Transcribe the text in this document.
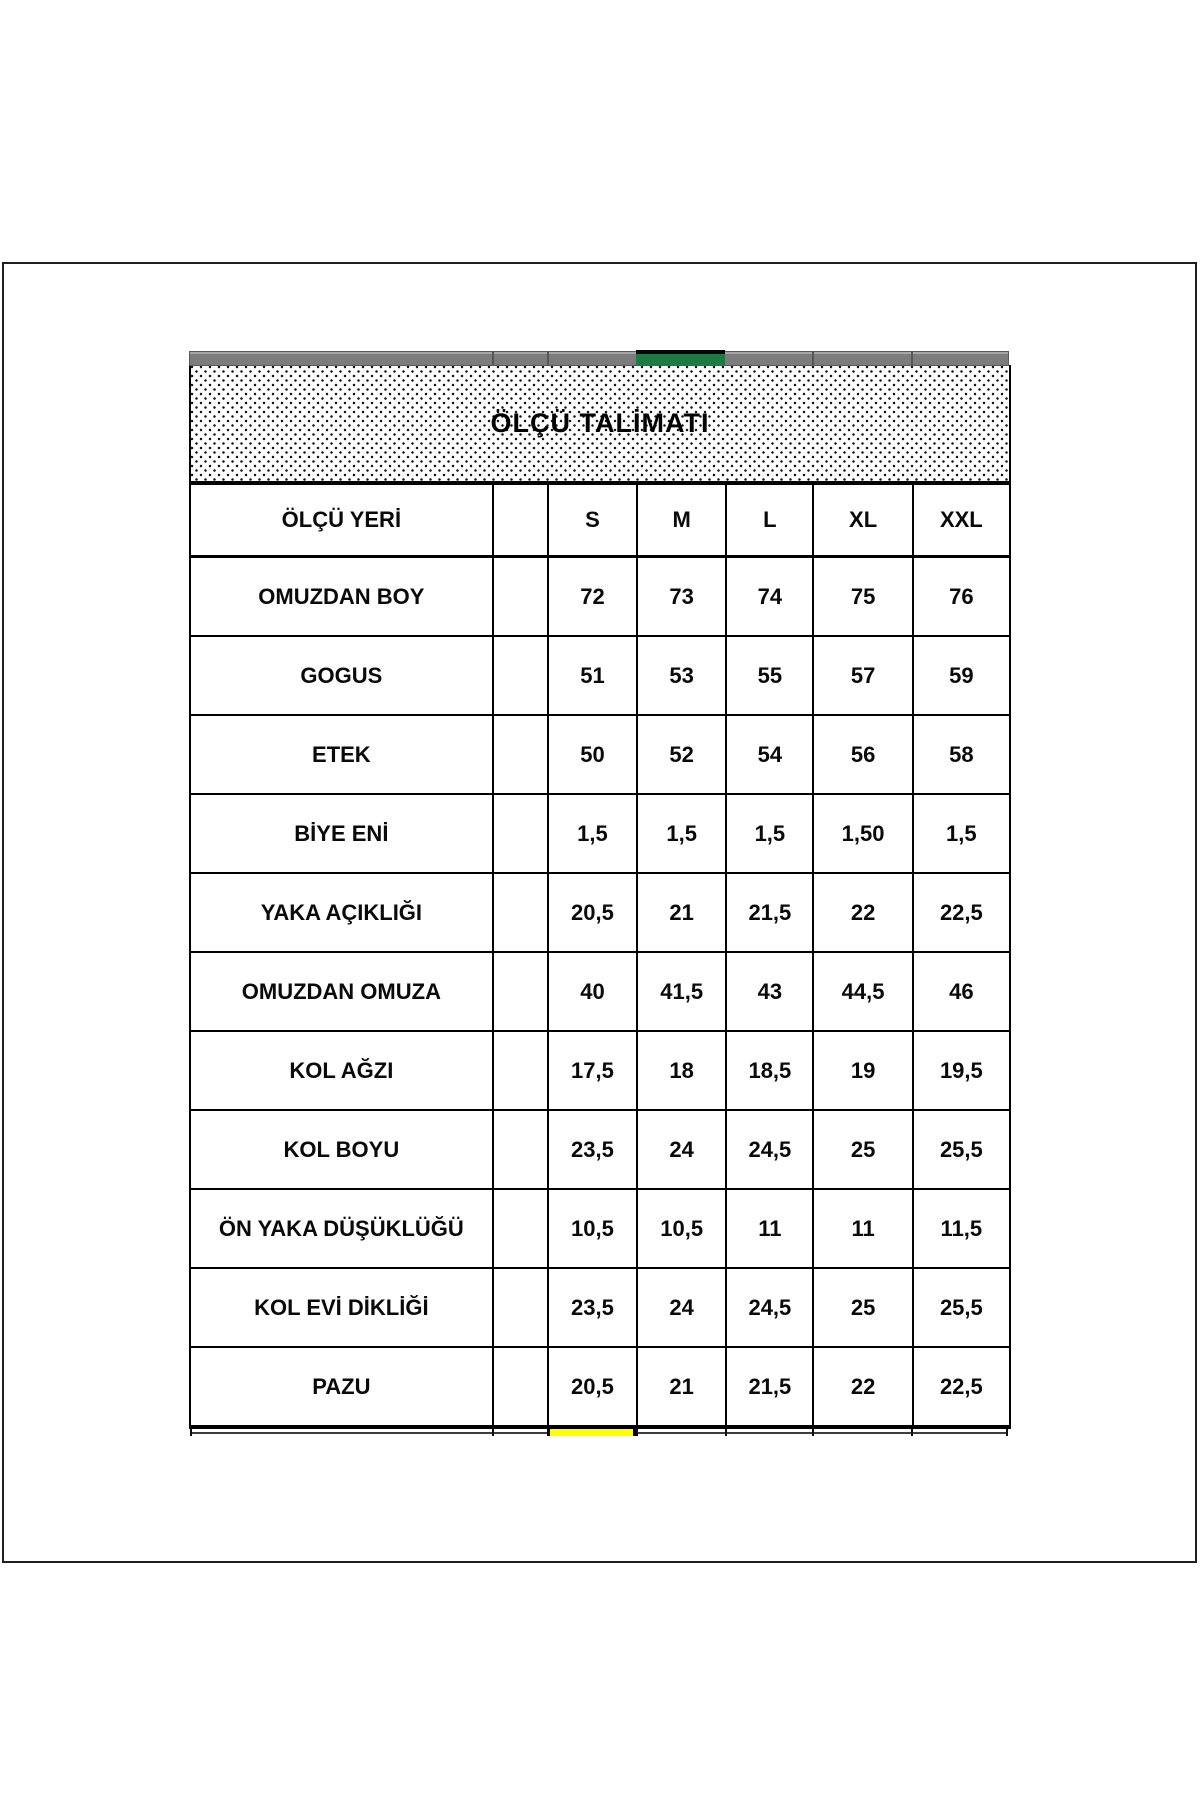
ÖLÇÜ TALİMATI
ÖLÇÜ YERİ		S	M	L	XL	XXL
OMUZDAN BOY		72	73	74	75	76
GOGUS		51	53	55	57	59
ETEK		50	52	54	56	58
BİYE ENİ		1,5	1,5	1,5	1,50	1,5
YAKA AÇIKLIĞI		20,5	21	21,5	22	22,5
OMUZDAN OMUZA		40	41,5	43	44,5	46
KOL AĞZI		17,5	18	18,5	19	19,5
KOL BOYU		23,5	24	24,5	25	25,5
ÖN YAKA DÜŞÜKLÜĞÜ		10,5	10,5	11	11	11,5
KOL EVİ DİKLİĞİ		23,5	24	24,5	25	25,5
PAZU		20,5	21	21,5	22	22,5
